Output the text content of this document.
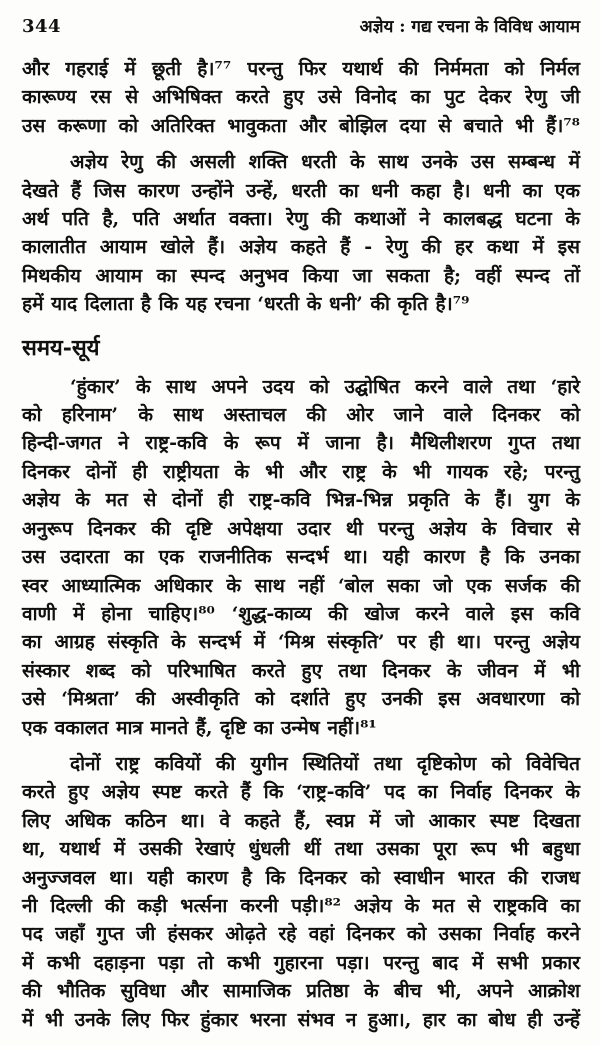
344	अज्ञेय : गद्य रचना के विविध आयाम
और गहराई में छूती है।⁷⁷ परन्तु फिर यथार्थ की निर्ममता को निर्मल
कारूण्य रस से अभिषिक्त करते हुए उसे विनोद का पुट देकर रेणु जी
उस करूणा को अतिरिक्त भावुकता और बोझिल दया से बचाते भी हैं।⁷⁸
अज्ञेय रेणु की असली शक्ति धरती के साथ उनके उस सम्बन्ध में
देखते हैं जिस कारण उन्होंने उन्हें, धरती का धनी कहा है। धनी का एक
अर्थ पति है, पति अर्थात वक्ता। रेणु की कथाओं ने कालबद्ध घटना के
कालातीत आयाम खोले हैं। अज्ञेय कहते हैं - रेणु की हर कथा में इस
मिथकीय आयाम का स्पन्द अनुभव किया जा सकता है; वहीं स्पन्द तों
हमें याद दिलाता है कि यह रचना ‘धरती के धनी’ की कृति है।⁷⁹
समय-सूर्य
‘हुंकार’ के साथ अपने उदय को उद्घोषित करने वाले तथा ‘हारे
को हरिनाम’ के साथ अस्ताचल की ओर जाने वाले दिनकर को
हिन्दी-जगत ने राष्ट्र-कवि के रूप में जाना है। मैथिलीशरण गुप्त तथा
दिनकर दोनों ही राष्ट्रीयता के भी और राष्ट्र के भी गायक रहे; परन्तु
अज्ञेय के मत से दोनों ही राष्ट्र-कवि भिन्न-भिन्न प्रकृति के हैं। युग के
अनुरूप दिनकर की दृष्टि अपेक्षया उदार थी परन्तु अज्ञेय के विचार से
उस उदारता का एक राजनीतिक सन्दर्भ था। यही कारण है कि उनका
स्वर आध्यात्मिक अधिकार के साथ नहीं ‘बोल सका जो एक सर्जक की
वाणी में होना चाहिए।⁸⁰ ‘शुद्ध-काव्य की खोज करने वाले इस कवि
का आग्रह संस्कृति के सन्दर्भ में ‘मिश्र संस्कृति’ पर ही था। परन्तु अज्ञेय
संस्कार शब्द को परिभाषित करते हुए तथा दिनकर के जीवन में भी
उसे ‘मिश्रता’ की अस्वीकृति को दर्शाते हुए उनकी इस अवधारणा को
एक वकालत मात्र मानते हैं, दृष्टि का उन्मेष नहीं।⁸¹
दोनों राष्ट्र कवियों की युगीन स्थितियों तथा दृष्टिकोण को विवेचित
करते हुए अज्ञेय स्पष्ट करते हैं कि ‘राष्ट्र-कवि’ पद का निर्वाह दिनकर के
लिए अधिक कठिन था। वे कहते हैं, स्वप्न में जो आकार स्पष्ट दिखता
था, यथार्थ में उसकी रेखाएं धुंधली थीं तथा उसका पूरा रूप भी बहुधा
अनुज्जवल था। यही कारण है कि दिनकर को स्वाधीन भारत की राजध
नी दिल्ली की कड़ी भर्त्सना करनी पड़ी।⁸² अज्ञेय के मत से राष्ट्रकवि का
पद जहाँ गुप्त जी हंसकर ओढ़ते रहे वहां दिनकर को उसका निर्वाह करने
में कभी दहाड़ना पड़ा तो कभी गुहारना पड़ा। परन्तु बाद में सभी प्रकार
की भौतिक सुविधा और सामाजिक प्रतिष्ठा के बीच भी, अपने आक्रोश
में भी उनके लिए फिर हुंकार भरना संभव न हुआ।, हार का बोध ही उन्हें
